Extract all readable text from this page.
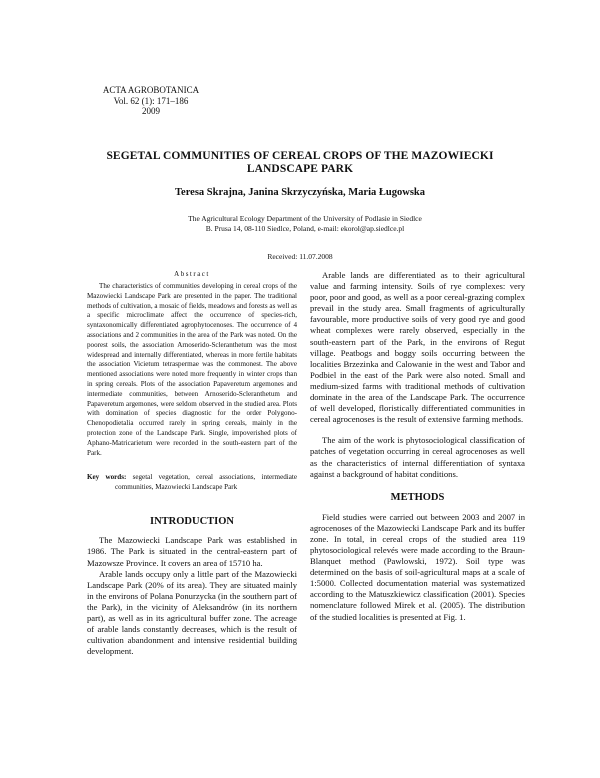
ACTA AGROBOTANICA
Vol. 62 (1): 171–186
2009
SEGETAL COMMUNITIES OF CEREAL CROPS OF THE MAZOWIECKI LANDSCAPE PARK
Teresa Skrajna, Janina Skrzyczyńska, Maria Ługowska
The Agricultural Ecology Department of the University of Podlasie in Siedlce
B. Prusa 14, 08-110 Siedlce, Poland, e-mail: ekorol@ap.siedlce.pl
Received: 11.07.2008
Abstract

The characteristics of communities developing in cereal crops of the Mazowiecki Landscape Park are presented in the paper. The traditional methods of cultivation, a mosaic of fields, meadows and forests as well as a specific microclimate affect the occurrence of species-rich, syntaxonomically differentiated agrophytocenoses. The occurrence of 4 associations and 2 communities in the area of the Park was noted. On the poorest soils, the association Arnoserido-Scleranthetum was the most widespread and internally differentiated, whereas in more fertile habitats the association Vicietum tetraspermae was the commonest. The above mentioned associations were noted more frequently in winter crops than in spring cereals. Plots of the association Papaveretum argemones and intermediate communities, between Arnoserido-Scleranthetum and Papaveretum argemones, were seldom observed in the studied area. Plots with domination of species diagnostic for the order Polygono-Chenopodietalia occurred rarely in spring cereals, mainly in the protection zone of the Landscape Park. Single, impoverished plots of Aphano-Matricarietum were recorded in the south-eastern part of the Park.

Key words: segetal vegetation, cereal associations, intermediate communities, Mazowiecki Landscape Park

INTRODUCTION

The Mazowiecki Landscape Park was established in 1986. The Park is situated in the central-eastern part of Mazowsze Province. It covers an area of 15710 ha.

Arable lands occupy only a little part of the Mazowiecki Landscape Park (20% of its area). They are situated mainly in the environs of Polana Ponurzycka (in the southern part of the Park), in the vicinity of Aleksandrów (in its northern part), as well as in its agricultural buffer zone. The acreage of arable lands constantly decreases, which is the result of cultivation abandonment and intensive residential building development.

Arable lands are differentiated as to their agricultural value and farming intensity. Soils of rye complexes: very poor, poor and good, as well as a poor cereal-grazing complex prevail in the study area. Small fragments of agriculturally favourable, more productive soils of very good rye and good wheat complexes were rarely observed, especially in the south-eastern part of the Park, in the environs of Regut village. Peatbogs and boggy soils occurring between the localities Brzezinka and Calowanie in the west and Tabor and Podbiel in the east of the Park were also noted. Small and medium-sized farms with traditional methods of cultivation dominate in the area of the Landscape Park. The occurrence of well developed, floristically differentiated communities in cereal agrocenoses is the result of extensive farming methods.

The aim of the work is phytosociological classification of patches of vegetation occurring in cereal agrocenoses as well as the characteristics of internal differentiation of syntaxa against a background of habitat conditions.

METHODS

Field studies were carried out between 2003 and 2007 in agrocenoses of the Mazowiecki Landscape Park and its buffer zone. In total, in cereal crops of the studied area 119 phytosociological relevés were made according to the Braun-Blanquet method (Pawlowski, 1972). Soil type was determined on the basis of soil-agricultural maps at a scale of 1:5000. Collected documentation material was systematized according to the Matuszkiewicz classification (2001). Species nomenclature followed Mirek et al. (2005). The distribution of the studied localities is presented at Fig. 1.
